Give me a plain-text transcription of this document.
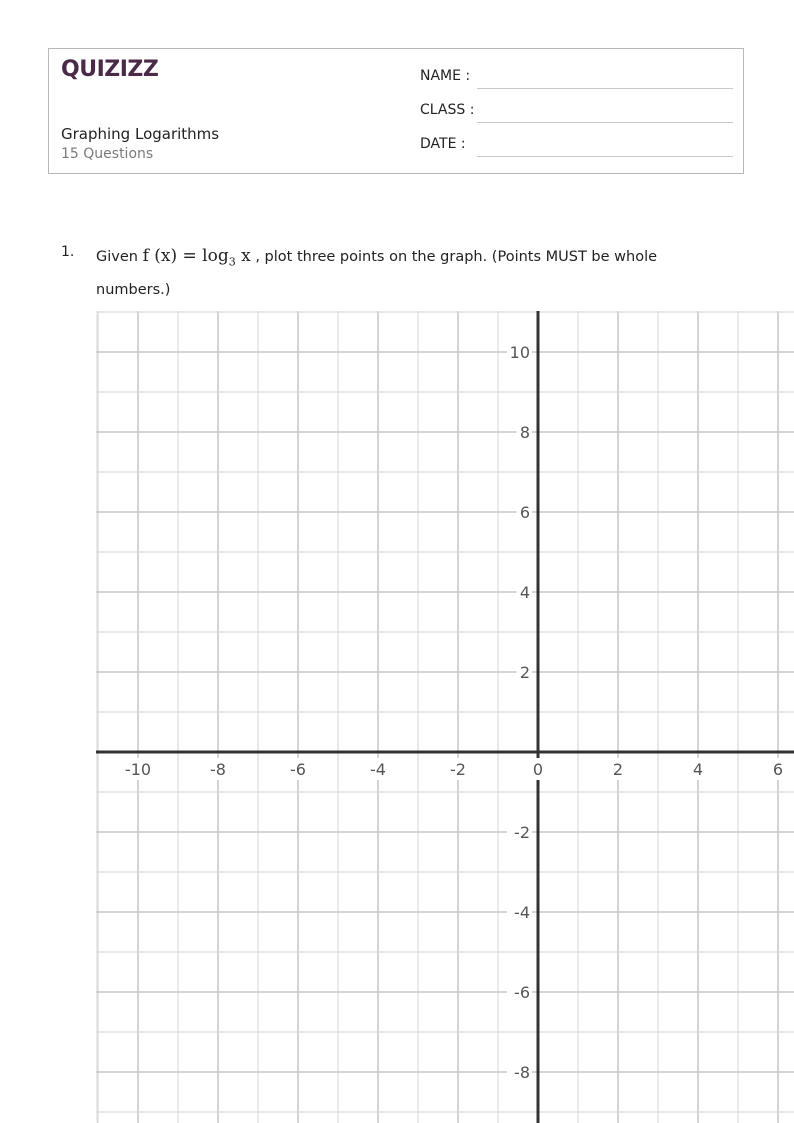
QUIZIZZ
Graphing Logarithms
15 Questions
NAME :
CLASS :
DATE :
1. Given f $(x) = \log_3 x$ , plot three points on the graph. (Points MUST be whole numbers.)
-10	-8	-6	-4	-2	0	2	4	6
10
8
6
4
2
-2
-4
-6
-8
